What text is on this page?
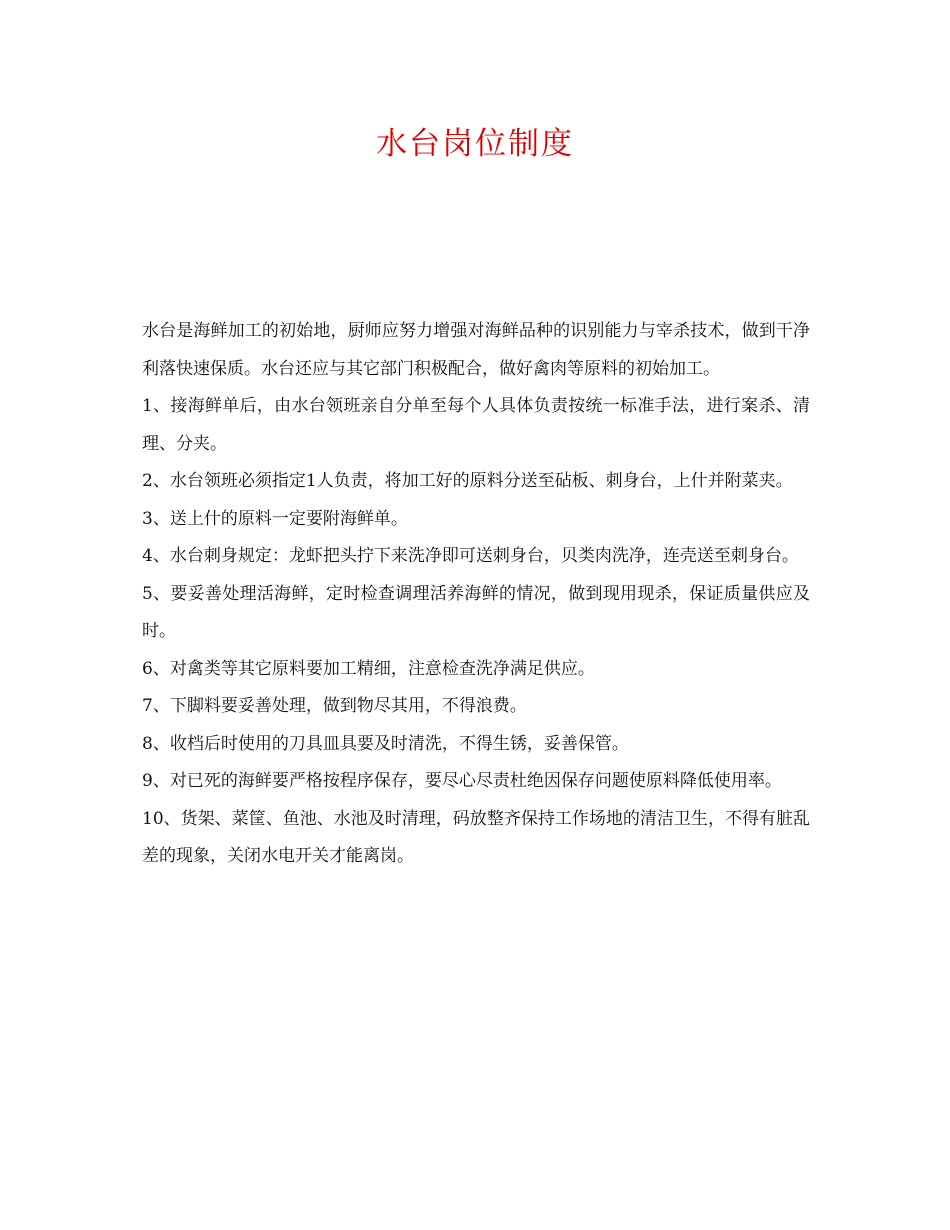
水台岗位制度

水台是海鲜加工的初始地，厨师应努力增强对海鲜品种的识别能力与宰杀技术，做到干净利落快速保质。水台还应与其它部门积极配合，做好禽肉等原料的初始加工。

1、接海鲜单后，由水台领班亲自分单至每个人具体负责按统一标准手法，进行案杀、清理、分夹。

2、水台领班必须指定1人负责，将加工好的原料分送至砧板、刺身台，上什并附菜夹。

3、送上什的原料一定要附海鲜单。

4、水台刺身规定：龙虾把头拧下来洗净即可送刺身台，贝类肉洗净，连壳送至刺身台。

5、要妥善处理活海鲜，定时检查调理活养海鲜的情况，做到现用现杀，保证质量供应及时。

6、对禽类等其它原料要加工精细，注意检查洗净满足供应。

7、下脚料要妥善处理，做到物尽其用，不得浪费。

8、收档后时使用的刀具皿具要及时清洗，不得生锈，妥善保管。

9、对已死的海鲜要严格按程序保存，要尽心尽责杜绝因保存问题使原料降低使用率。

10、货架、菜筐、鱼池、水池及时清理，码放整齐保持工作场地的清洁卫生，不得有脏乱差的现象，关闭水电开关才能离岗。
